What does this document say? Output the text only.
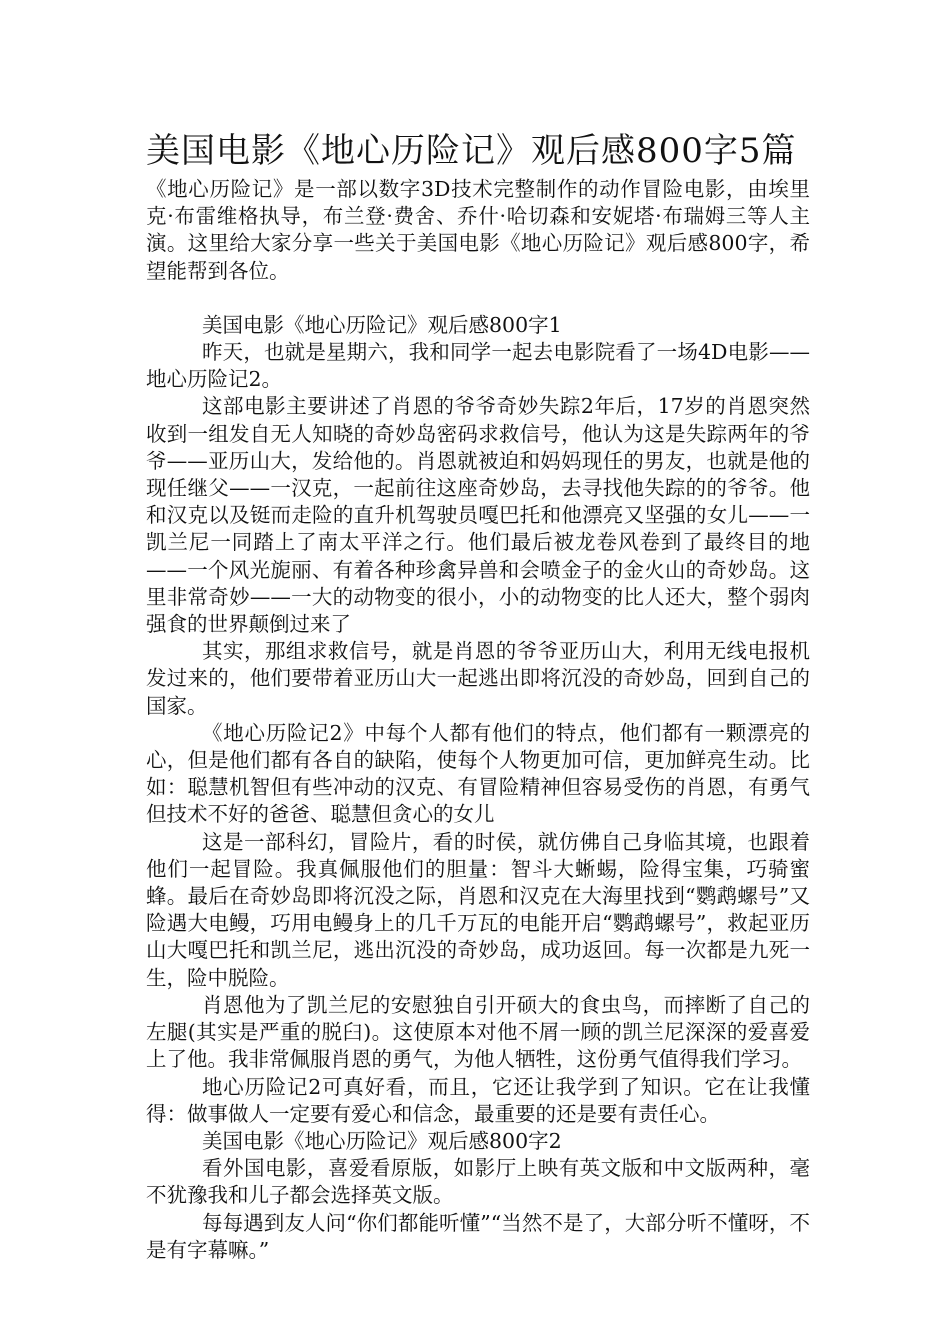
美国电影《地心历险记》观后感800字5篇

《地心历险记》是一部以数字3D技术完整制作的动作冒险电影，由埃里克·布雷维格执导，布兰登·费舍、乔什·哈切森和安妮塔·布瑞姆三等人主演。这里给大家分享一些关于美国电影《地心历险记》观后感800字，希望能帮到各位。

美国电影《地心历险记》观后感800字1

昨天，也就是星期六，我和同学一起去电影院看了一场4D电影——地心历险记2。

这部电影主要讲述了肖恩的爷爷奇妙失踪2年后，17岁的肖恩突然收到一组发自无人知晓的奇妙岛密码求救信号，他认为这是失踪两年的爷爷——亚历山大，发给他的。肖恩就被迫和妈妈现任的男友，也就是他的现任继父——一汉克，一起前往这座奇妙岛，去寻找他失踪的的爷爷。他和汉克以及铤而走险的直升机驾驶员嘎巴托和他漂亮又坚强的女儿——一凯兰尼一同踏上了南太平洋之行。他们最后被龙卷风卷到了最终目的地——一个风光旎丽、有着各种珍禽异兽和会喷金子的金火山的奇妙岛。这里非常奇妙——一大的动物变的很小，小的动物变的比人还大，整个弱肉强食的世界颠倒过来了

其实，那组求救信号，就是肖恩的爷爷亚历山大，利用无线电报机发过来的，他们要带着亚历山大一起逃出即将沉没的奇妙岛，回到自己的国家。

《地心历险记2》中每个人都有他们的特点，他们都有一颗漂亮的心，但是他们都有各自的缺陷，使每个人物更加可信，更加鲜亮生动。比如：聪慧机智但有些冲动的汉克、有冒险精神但容易受伤的肖恩，有勇气但技术不好的爸爸、聪慧但贪心的女儿

这是一部科幻，冒险片，看的时侯，就仿佛自己身临其境，也跟着他们一起冒险。我真佩服他们的胆量：智斗大蜥蜴，险得宝集，巧骑蜜蜂。最后在奇妙岛即将沉没之际，肖恩和汉克在大海里找到“鹦鹉螺号”又险遇大电鳗，巧用电鳗身上的几千万瓦的电能开启“鹦鹉螺号”，救起亚历山大嘎巴托和凯兰尼，逃出沉没的奇妙岛，成功返回。每一次都是九死一生，险中脱险。

肖恩他为了凯兰尼的安慰独自引开硕大的食虫鸟，而摔断了自己的左腿(其实是严重的脱臼)。这使原本对他不屑一顾的凯兰尼深深的爱喜爱上了他。我非常佩服肖恩的勇气，为他人牺牲，这份勇气值得我们学习。

地心历险记2可真好看，而且，它还让我学到了知识。它在让我懂得：做事做人一定要有爱心和信念，最重要的还是要有责任心。

美国电影《地心历险记》观后感800字2

看外国电影，喜爱看原版，如影厅上映有英文版和中文版两种，毫不犹豫我和儿子都会选择英文版。

每每遇到友人问“你们都能听懂”“当然不是了，大部分听不懂呀，不是有字幕嘛。”
